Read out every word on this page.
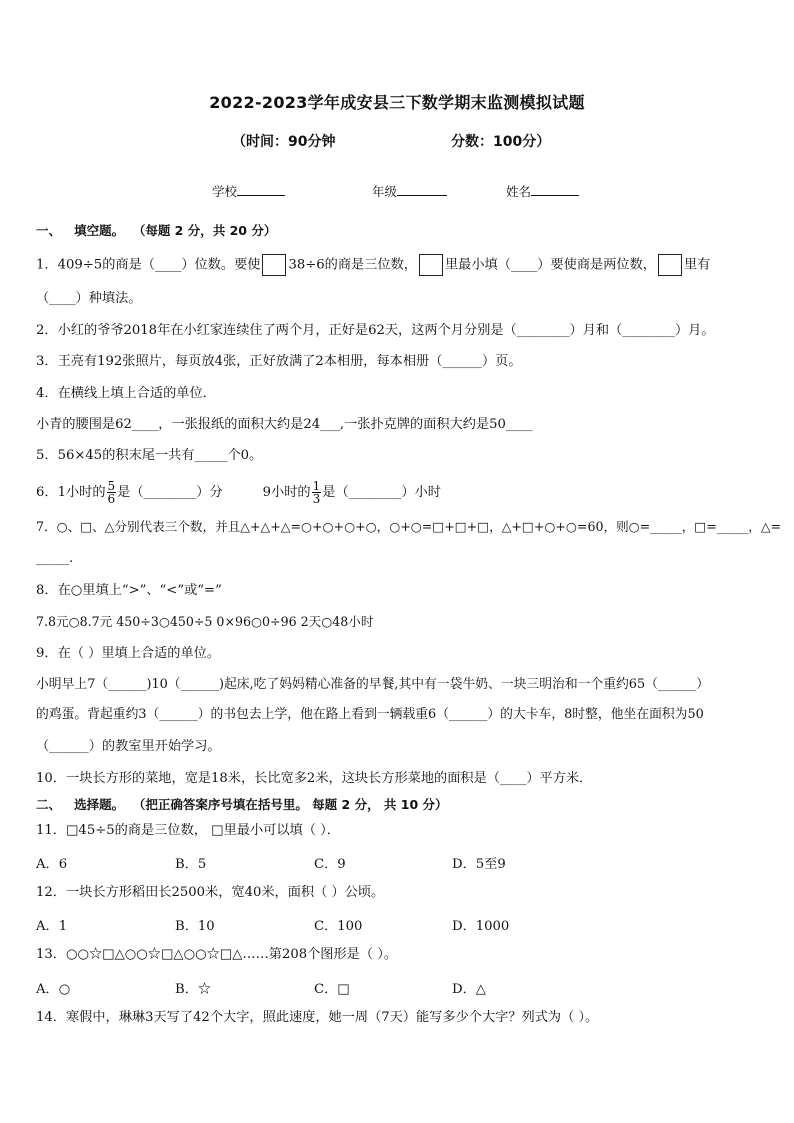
2022-2023学年成安县三下数学期末监测模拟试题
（时间：90分钟	分数：100分）
学校	年级	姓名
一、 填空题。 （每题 2 分，共 20 分）
1．409÷5的商是（____）位数。要使 38÷6的商是三位数， 里最小填（____）要使商是两位数， 里有
（____）种填法。
2．小红的爷爷2018年在小红家连续住了两个月，正好是62天，这两个月分别是（________）月和（________）月。
3．王亮有192张照片，每页放4张，正好放满了2本相册，每本相册（______）页。
4．在横线上填上合适的单位．
小青的腰围是62____，一张报纸的面积大约是24___,一张扑克牌的面积大约是50____
5．56×45的积末尾一共有_____个0。
6．1小时的 $\frac{5}{6}$ 是（________）分	9小时的 $\frac{1}{3}$ 是（________）小时
7．○、□、△分别代表三个数，并且△+△+△=○+○+○+○，○+○=□+□+□，△+□+○+○=60，则○=_____，□=_____，△=
_____.
8．在○里填上“>”、“<”或“=”
7.8元○8.7元 450÷3○450÷5 0×96○0÷96 2天○48小时
9．在（ ）里填上合适的单位。
小明早上7（______)10（______)起床,吃了妈妈精心准备的早餐,其中有一袋牛奶、一块三明治和一个重约65（______）
的鸡蛋。背起重约3（______）的书包去上学，他在路上看到一辆载重6（______）的大卡车，8时整，他坐在面积为50
（______）的教室里开始学习。
10．一块长方形的菜地，宽是18米，长比宽多2米，这块长方形菜地的面积是（____）平方米．
二、 选择题。 （把正确答案序号填在括号里。 每题 2 分， 共 10 分）
11．□45÷5的商是三位数， □里最小可以填（ ）．
A．6	B．5	C．9	D．5至9
12．一块长方形稻田长2500米，宽40米，面积（ ）公顷。
A．1	B．10	C．100	D．1000
13．○○☆□△○○☆□△○○☆□△……第208个图形是（ ）。
A．○	B．☆	C．□	D．△
14．寒假中，琳琳3天写了42个大字，照此速度，她一周（7天）能写多少个大字？列式为（ ）。
